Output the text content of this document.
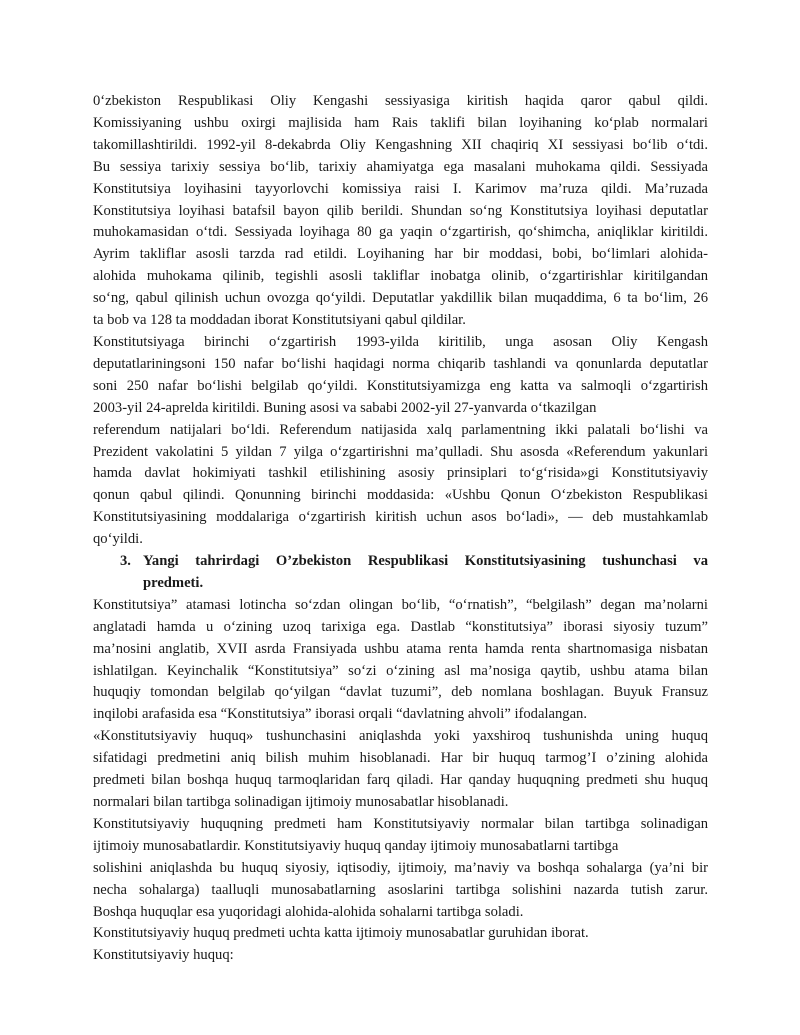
0‘zbekiston Respublikasi Oliy Kengashi sessiyasiga kiritish haqida qaror qabul qildi.
Komissiyaning ushbu oxirgi majlisida ham Rais taklifi bilan loyihaning ko‘plab normalari
takomillashtirildi. 1992-yil 8-dekabrda Oliy Kengashning XII chaqiriq XI sessiyasi bo‘lib o‘tdi.
Bu sessiya tarixiy sessiya bo‘lib, tarixiy ahamiyatga ega masalani muhokama qildi. Sessiyada
Konstitutsiya loyihasini tayyorlovchi komissiya raisi I. Karimov ma’ruza qildi. Ma’ruzada
Konstitutsiya loyihasi batafsil bayon qilib berildi. Shundan so‘ng Konstitutsiya loyihasi deputatlar
muhokamasidan o‘tdi. Sessiyada loyihaga 80 ga yaqin o‘zgartirish, qo‘shimcha, aniqliklar kiritildi.
Ayrim takliflar asosli tarzda rad etildi. Loyihaning har bir moddasi, bobi, bo‘limlari alohida-
alohida muhokama qilinib, tegishli asosli takliflar inobatga olinib, o‘zgartirishlar kiritilgandan
so‘ng, qabul qilinish uchun ovozga qo‘yildi. Deputatlar yakdillik bilan muqaddima, 6 ta bo‘lim, 26
ta bob va 128 ta moddadan iborat Konstitutsiyani qabul qildilar.

Konstitutsiyaga birinchi o‘zgartirish 1993-yilda kiritilib, unga asosan Oliy Kengash
deputatlariningsoni 150 nafar bo‘lishi haqidagi norma chiqarib tashlandi va qonunlarda deputatlar
soni 250 nafar bo‘lishi belgilab qo‘yildi. Konstitutsiyamizga eng katta va salmoqli o‘zgartirish
2003-yil 24-aprelda kiritildi. Buning asosi va sababi 2002-yil 27-yanvarda o‘tkazilgan
referendum natijalari bo‘ldi. Referendum natijasida xalq parlamentning ikki palatali bo‘lishi va
Prezident vakolatini 5 yildan 7 yilga o‘zgartirishni ma’qulladi. Shu asosda «Referendum yakunlari
hamda davlat hokimiyati tashkil etilishining asosiy prinsiplari to‘g‘risida»gi Konstitutsiyaviy
qonun qabul qilindi. Qonunning birinchi moddasida: «Ushbu Qonun O‘zbekiston Respublikasi
Konstitutsiyasining moddalariga o‘zgartirish kiritish uchun asos bo‘ladi», — deb mustahkamlab
qo‘yildi.

3. Yangi tahrirdagi O’zbekiston Respublikasi Konstitutsiyasining tushunchasi va
predmeti.

Konstitutsiya” atamasi lotincha so‘zdan olingan bo‘lib, “o‘rnatish”, “belgilash” degan ma’nolarni
anglatadi hamda u o‘zining uzoq tarixiga ega. Dastlab “konstitutsiya” iborasi siyosiy tuzum”
ma’nosini anglatib, XVII asrda Fransiyada ushbu atama renta hamda renta shartnomasiga nisbatan
ishlatilgan. Keyinchalik “Konstitutsiya” so‘zi o‘zining asl ma’nosiga qaytib, ushbu atama bilan
huquqiy tomondan belgilab qo‘yilgan “davlat tuzumi”, deb nomlana boshlagan. Buyuk Fransuz
inqilobi arafasida esa “Konstitutsiya” iborasi orqali “davlatning ahvoli” ifodalangan.

«Konstitutsiyaviy huquq» tushunchasini aniqlashda yoki yaxshiroq tushunishda uning huquq
sifatidagi predmetini aniq bilish muhim hisoblanadi. Har bir huquq tarmog’I o’zining alohida
predmeti bilan boshqa huquq tarmoqlaridan farq qiladi. Har qanday huquqning predmeti shu huquq
normalari bilan tartibga solinadigan ijtimoiy munosabatlar hisoblanadi.

Konstitutsiyaviy huquqning predmeti ham Konstitutsiyaviy normalar bilan tartibga solinadigan
ijtimoiy munosabatlardir. Konstitutsiyaviy huquq qanday ijtimoiy munosabatlarni tartibga
solishini aniqlashda bu huquq siyosiy, iqtisodiy, ijtimoiy, ma’naviy va boshqa sohalarga (ya’ni bir
necha sohalarga) taalluqli munosabatlarning asoslarini tartibga solishini nazarda tutish zarur.
Boshqa huquqlar esa yuqoridagi alohida-alohida sohalarni tartibga soladi.

Konstitutsiyaviy huquq predmeti uchta katta ijtimoiy munosabatlar guruhidan iborat.

Konstitutsiyaviy huquq:
